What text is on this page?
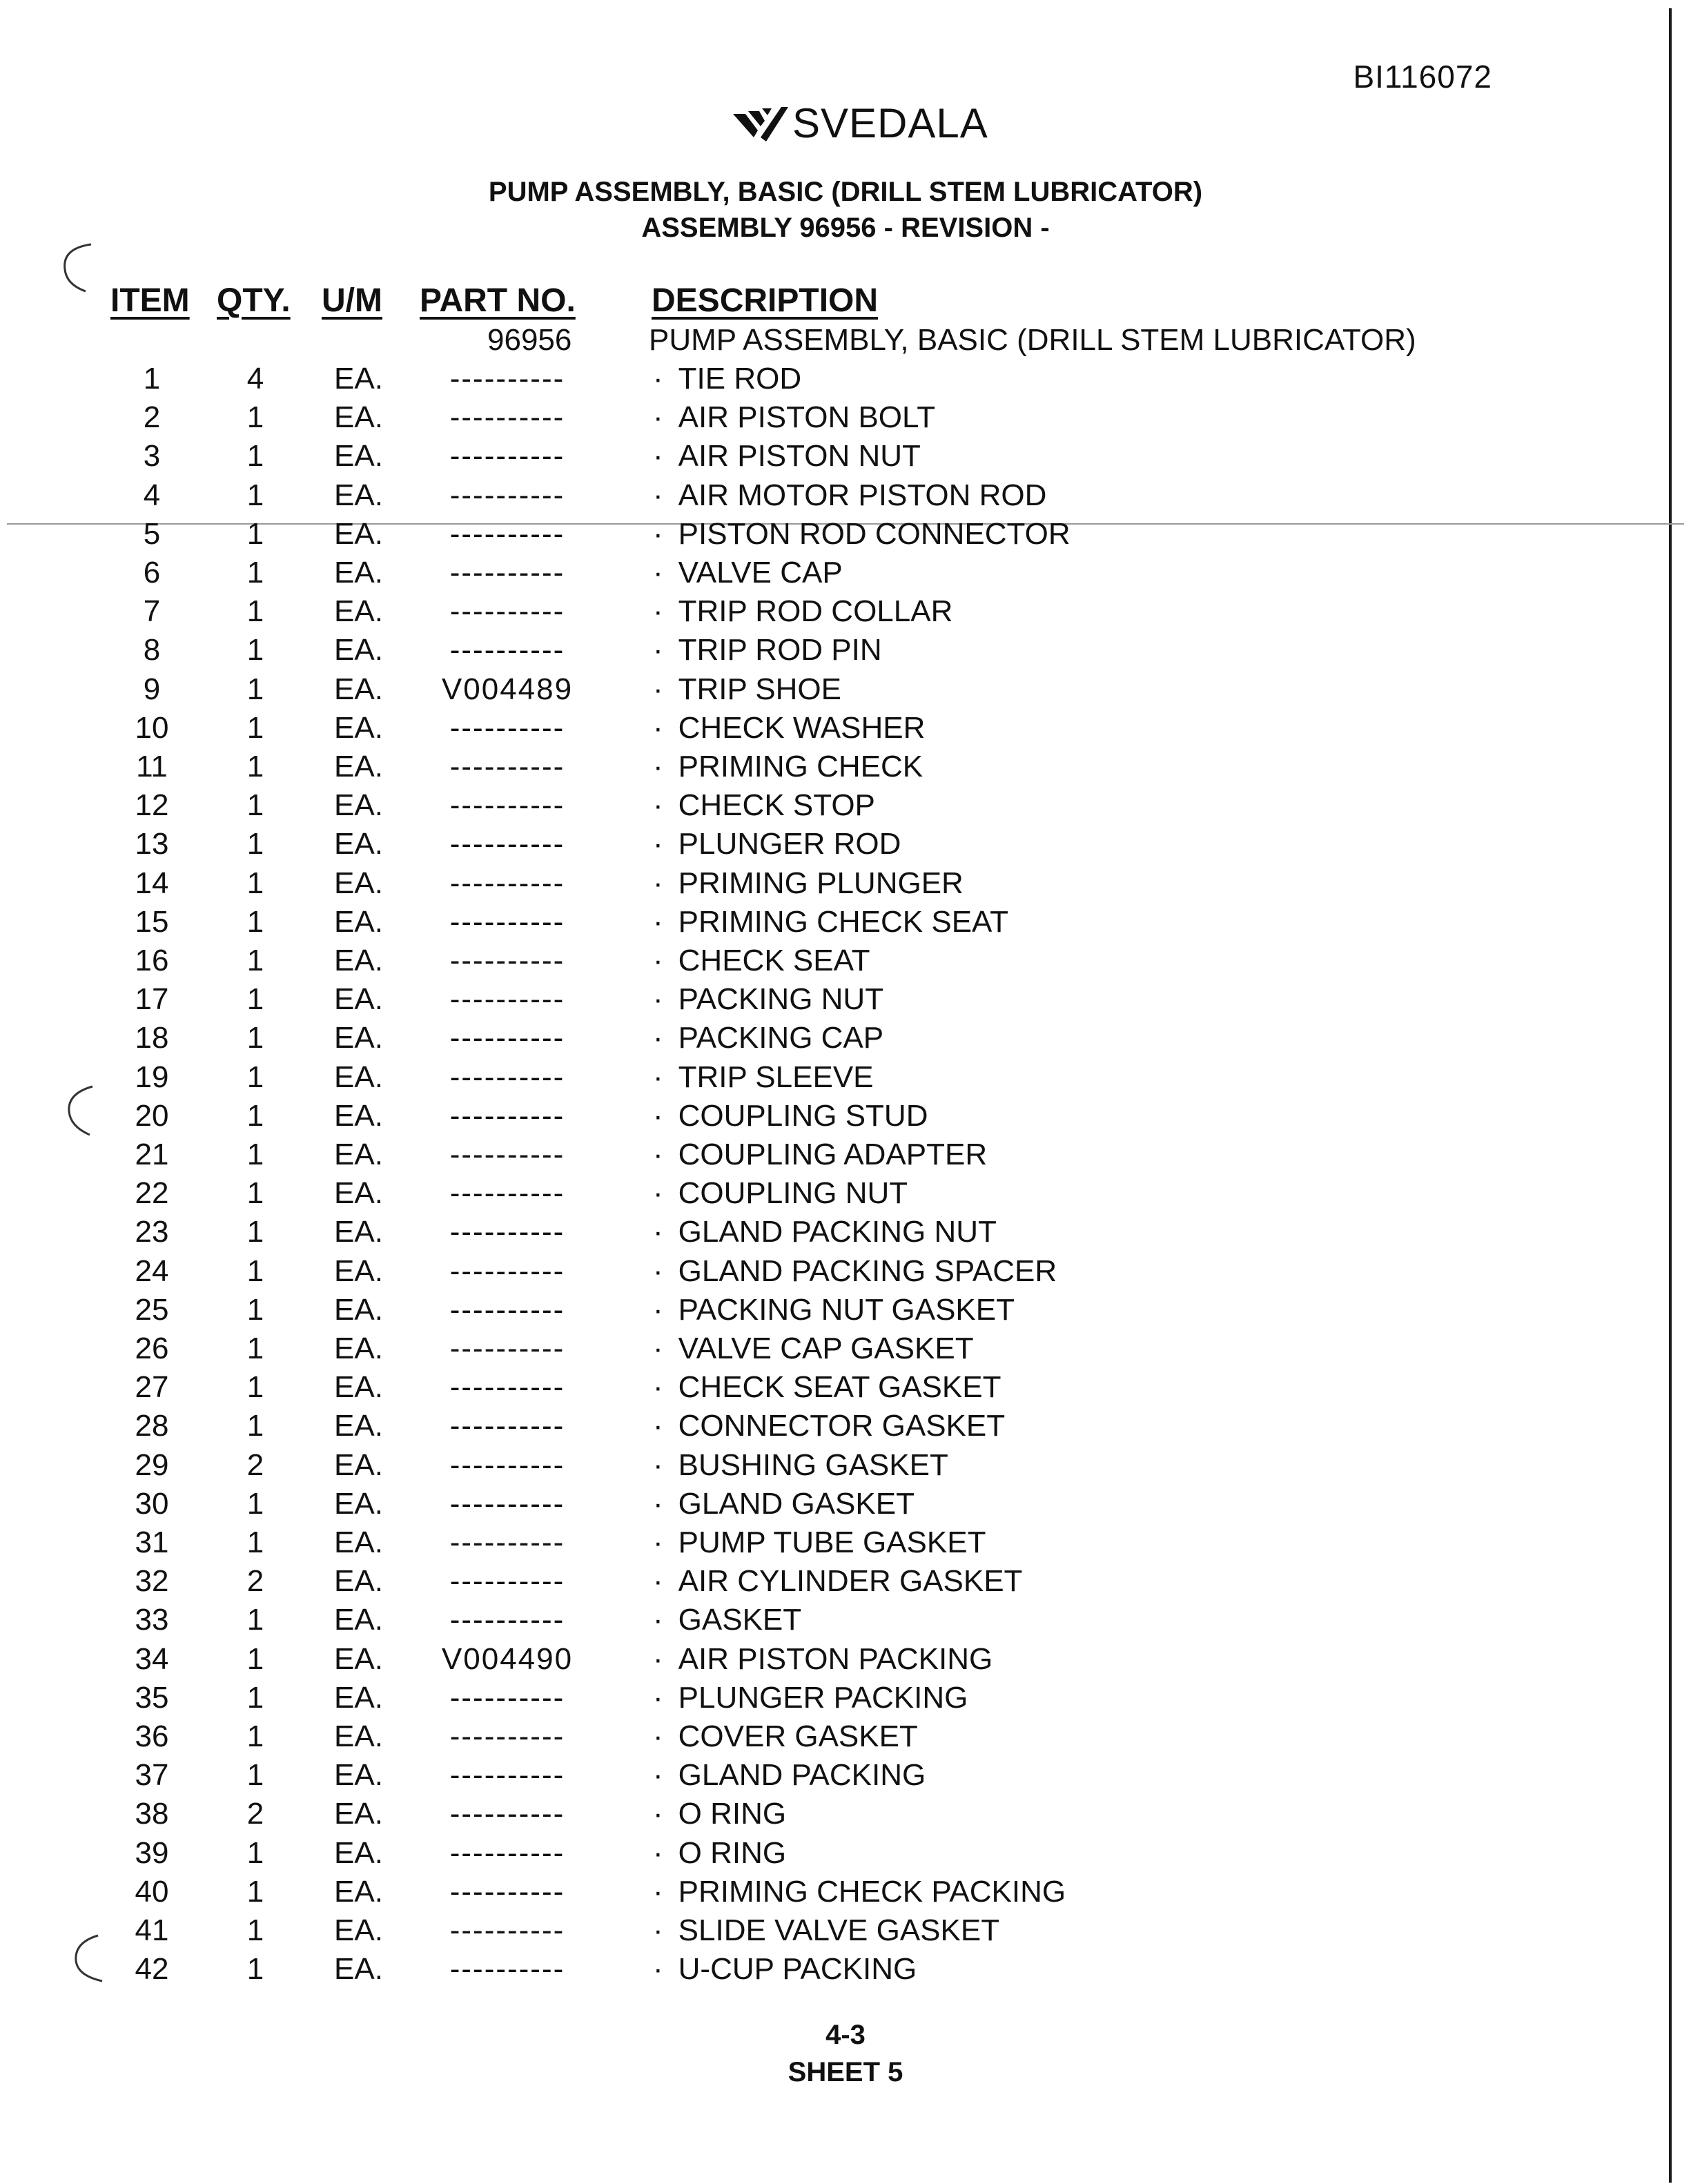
BI116072
SVEDALA
PUMP ASSEMBLY, BASIC (DRILL STEM LUBRICATOR)
ASSEMBLY 96956 - REVISION -
ITEM QTY. U/M PART NO. DESCRIPTION
96956	PUMP ASSEMBLY, BASIC (DRILL STEM LUBRICATOR)
1	4	EA.	----------	· TIE ROD
2	1	EA.	----------	· AIR PISTON BOLT
3	1	EA.	----------	· AIR PISTON NUT
4	1	EA.	----------	· AIR MOTOR PISTON ROD
5	1	EA.	----------	· PISTON ROD CONNECTOR
6	1	EA.	----------	· VALVE CAP
7	1	EA.	----------	· TRIP ROD COLLAR
8	1	EA.	----------	· TRIP ROD PIN
9	1	EA.	V004489	· TRIP SHOE
10	1	EA.	----------	· CHECK WASHER
11	1	EA.	----------	· PRIMING CHECK
12	1	EA.	----------	· CHECK STOP
13	1	EA.	----------	· PLUNGER ROD
14	1	EA.	----------	· PRIMING PLUNGER
15	1	EA.	----------	· PRIMING CHECK SEAT
16	1	EA.	----------	· CHECK SEAT
17	1	EA.	----------	· PACKING NUT
18	1	EA.	----------	· PACKING CAP
19	1	EA.	----------	· TRIP SLEEVE
20	1	EA.	----------	· COUPLING STUD
21	1	EA.	----------	· COUPLING ADAPTER
22	1	EA.	----------	· COUPLING NUT
23	1	EA.	----------	· GLAND PACKING NUT
24	1	EA.	----------	· GLAND PACKING SPACER
25	1	EA.	----------	· PACKING NUT GASKET
26	1	EA.	----------	· VALVE CAP GASKET
27	1	EA.	----------	· CHECK SEAT GASKET
28	1	EA.	----------	· CONNECTOR GASKET
29	2	EA.	----------	· BUSHING GASKET
30	1	EA.	----------	· GLAND GASKET
31	1	EA.	----------	· PUMP TUBE GASKET
32	2	EA.	----------	· AIR CYLINDER GASKET
33	1	EA.	----------	· GASKET
34	1	EA.	V004490	· AIR PISTON PACKING
35	1	EA.	----------	· PLUNGER PACKING
36	1	EA.	----------	· COVER GASKET
37	1	EA.	----------	· GLAND PACKING
38	2	EA.	----------	· O RING
39	1	EA.	----------	· O RING
40	1	EA.	----------	· PRIMING CHECK PACKING
41	1	EA.	----------	· SLIDE VALVE GASKET
42	1	EA.	----------	· U-CUP PACKING
4-3
SHEET 5
